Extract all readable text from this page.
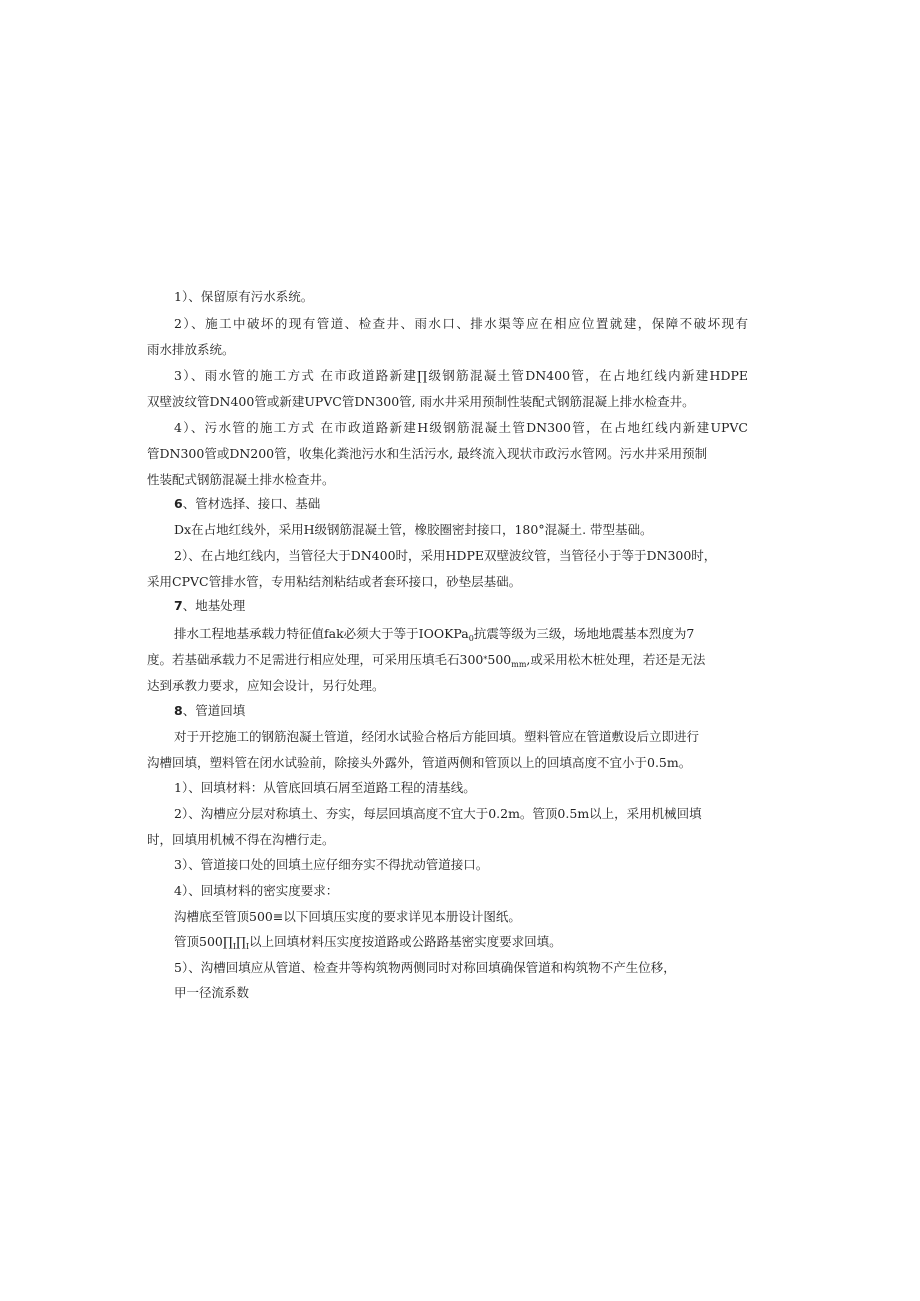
1）、保留原有污水系统。
2）、施工中破坏的现有管道、检查井、雨水口、排水渠等应在相应位置就建，保障不破坏现有
雨水排放系统。
3）、雨水管的施工方式 在市政道路新建∏级钢筋混凝土管DN400管，在占地红线内新建HDPE
双壁波纹管DN400管或新建UPVC管DN300管, 雨水井采用预制性装配式钢筋混凝上排水检查井。
4）、污水管的施工方式 在市政道路新建H级钢筋混凝土管DN300管，在占地红线内新建UPVC
管DN300管或DN200管，收集化粪池污水和生活污水, 最终流入现状市政污水管网。污水井采用预制
性装配式钢筋混凝土排水检查井。
6、管材选择、接口、基础
Dx在占地红线外，采用H级钢筋混凝土管，橡胶圈密封接口，180°混凝土. 带型基础。
2）、在占地红线内，当管径大于DN400时，采用HDPE双壁波纹管，当管径小于等于DN300时，
采用CPVC管排水管，专用粘结剂粘结或者套环接口，砂垫层基础。
7、地基处理
排水工程地基承载力特征值fak必须大于等于IOOKPa$_0$抗震等级为三级，场地地震基本烈度为7
度。若基础承载力不足需进行相应处理，可采用压填毛石$300^*500_{mm}$,或采用松木桩处理，若还是无法
达到承教力要求，应知会设计，另行处理。
8、管道回填
对于开挖施工的钢筋泡凝土管道，经闭水试验合格后方能回填。塑料管应在管道敷设后立即进行
沟槽回填，塑料管在闭水试验前，除接头外露外，管道两侧和管顶以上的回填高度不宜小于0.5m。
1）、回填材料：从管底回填石屑至道路工程的清基线。
2）、沟槽应分层对称填土、夯实，每层回填高度不宜大于0.2m。管顶0.5m以上，采用机械回填
时，回填用机械不得在沟槽行走。
3）、管道接口处的回填土应仔细夯实不得扰动管道接口。
4）、回填材料的密实度要求：
沟槽底至管顶500≡以下回填压实度的要求详见本册设计图纸。
管顶$500\prod_I\prod_I$以上回填材料压实度按道路或公路路基密实度要求回填。
5）、沟槽回填应从管道、检查井等构筑物两侧同时对称回填确保管道和构筑物不产生位移，
甲一径流系数
